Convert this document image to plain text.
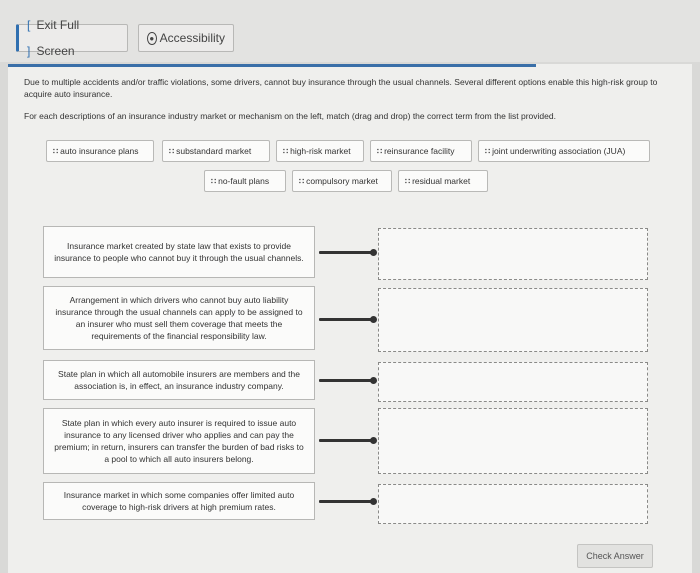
[​]
Exit Full Screen
● Accessibility
Due to multiple accidents and/or traffic violations, some drivers, cannot buy insurance through the usual channels. Several different options enable this high-risk group to acquire auto insurance.
For each descriptions of an insurance industry market or mechanism on the left, match (drag and drop) the correct term from the list provided.
∷ auto insurance plans	∷ substandard market	∷ high-risk market	∷ reinsurance facility	∷ joint underwriting association (JUA)
∷ no-fault plans	∷ compulsory market	∷ residual market
Insurance market created by state law that exists to provide insurance to people who cannot buy it through the usual channels.
Arrangement in which drivers who cannot buy auto liability insurance through the usual channels can apply to be assigned to an insurer who must sell them coverage that meets the requirements of the financial responsibility law.
State plan in which all automobile insurers are members and the association is, in effect, an insurance industry company.
State plan in which every auto insurer is required to issue auto insurance to any licensed driver who applies and can pay the premium; in return, insurers can transfer the burden of bad risks to a pool to which all auto insurers belong.
Insurance market in which some companies offer limited auto coverage to high-risk drivers at high premium rates.
Check Answer
